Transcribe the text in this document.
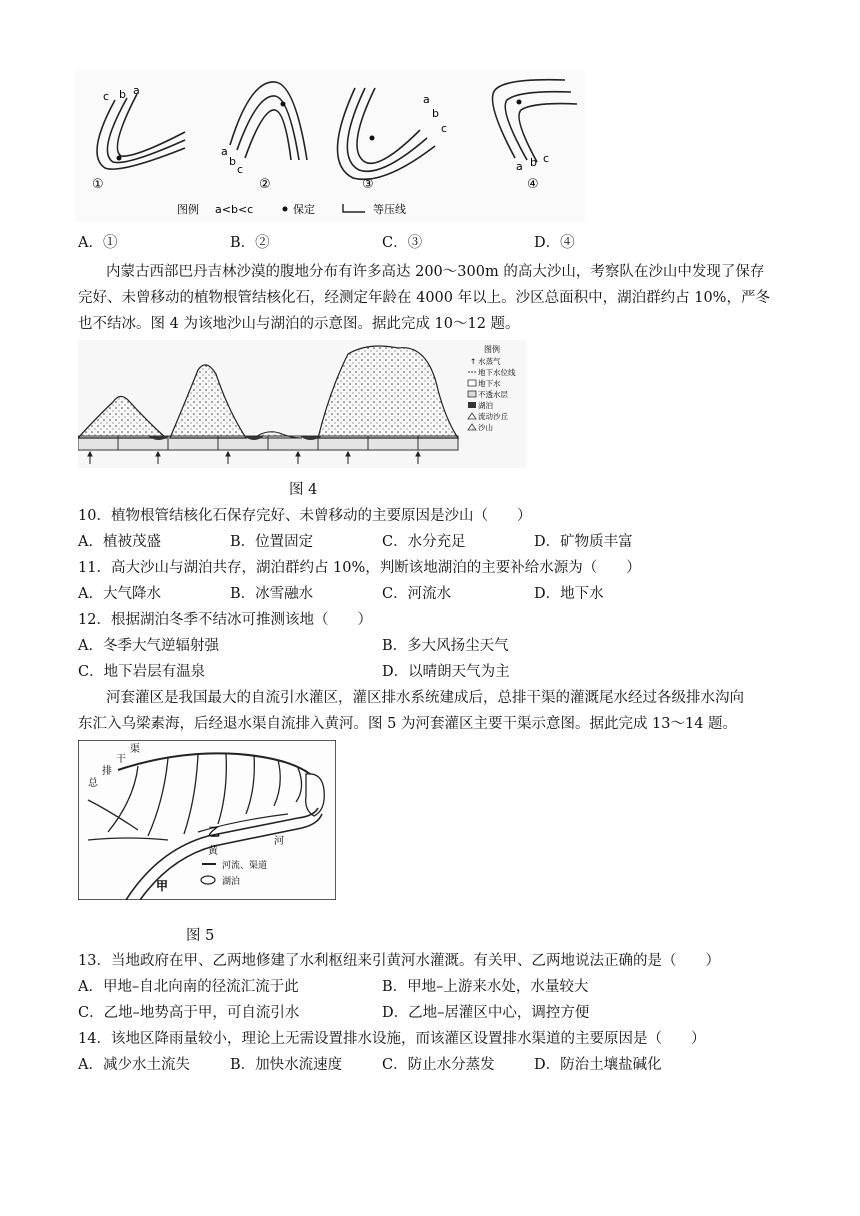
c b a
①
a
b
c
②
a
b
c
③
a b c
④
图例 a<b<c	保定	等压线
A．①	B．②	C．③	D．④
内蒙古西部巴丹吉林沙漠的腹地分布有许多高达 200〜300m 的高大沙山，考察队在沙山中发现了保存
完好、未曾移动的植物根管结核化石，经测定年龄在 4000 年以上。沙区总面积中，湖泊群约占 10%，严冬
也不结冰。图 4 为该地沙山与湖泊的示意图。据此完成 10〜12 题。
图例
↑ 水蒸气
地下水位线
地下水
不透水层
湖泊
流动沙丘
沙山
图 4
10．植物根管结核化石保存完好、未曾移动的主要原因是沙山（　　）
A．植被茂盛	B．位置固定	C．水分充足	D．矿物质丰富
11．高大沙山与湖泊共存，湖泊群约占 10%，判断该地湖泊的主要补给水源为（　　）
A．大气降水	B．冰雪融水	C．河流水	D．地下水
12．根据湖泊冬季不结冰可推测该地（　　）
A．冬季大气逆辐射强	B．多大风扬尘天气
C．地下岩层有温泉	D．以晴朗天气为主
河套灌区是我国最大的自流引水灌区，灌区排水系统建成后，总排干渠的灌溉尾水经过各级排水沟向
东汇入乌梁素海，后经退水渠自流排入黄河。图 5 为河套灌区主要干渠示意图。据此完成 13〜14 题。
总
排
干
渠
乙
甲
黄
河
河流、渠道
湖泊
图 5
13．当地政府在甲、乙两地修建了水利枢纽来引黄河水灌溉。有关甲、乙两地说法正确的是（　　）
A．甲地–自北向南的径流汇流于此	B．甲地–上游来水处，水量较大
C．乙地–地势高于甲，可自流引水	D．乙地–居灌区中心，调控方便
14．该地区降雨量较小，理论上无需设置排水设施，而该灌区设置排水渠道的主要原因是（　　）
A．减少水土流失	B．加快水流速度	C．防止水分蒸发	D．防治土壤盐碱化
